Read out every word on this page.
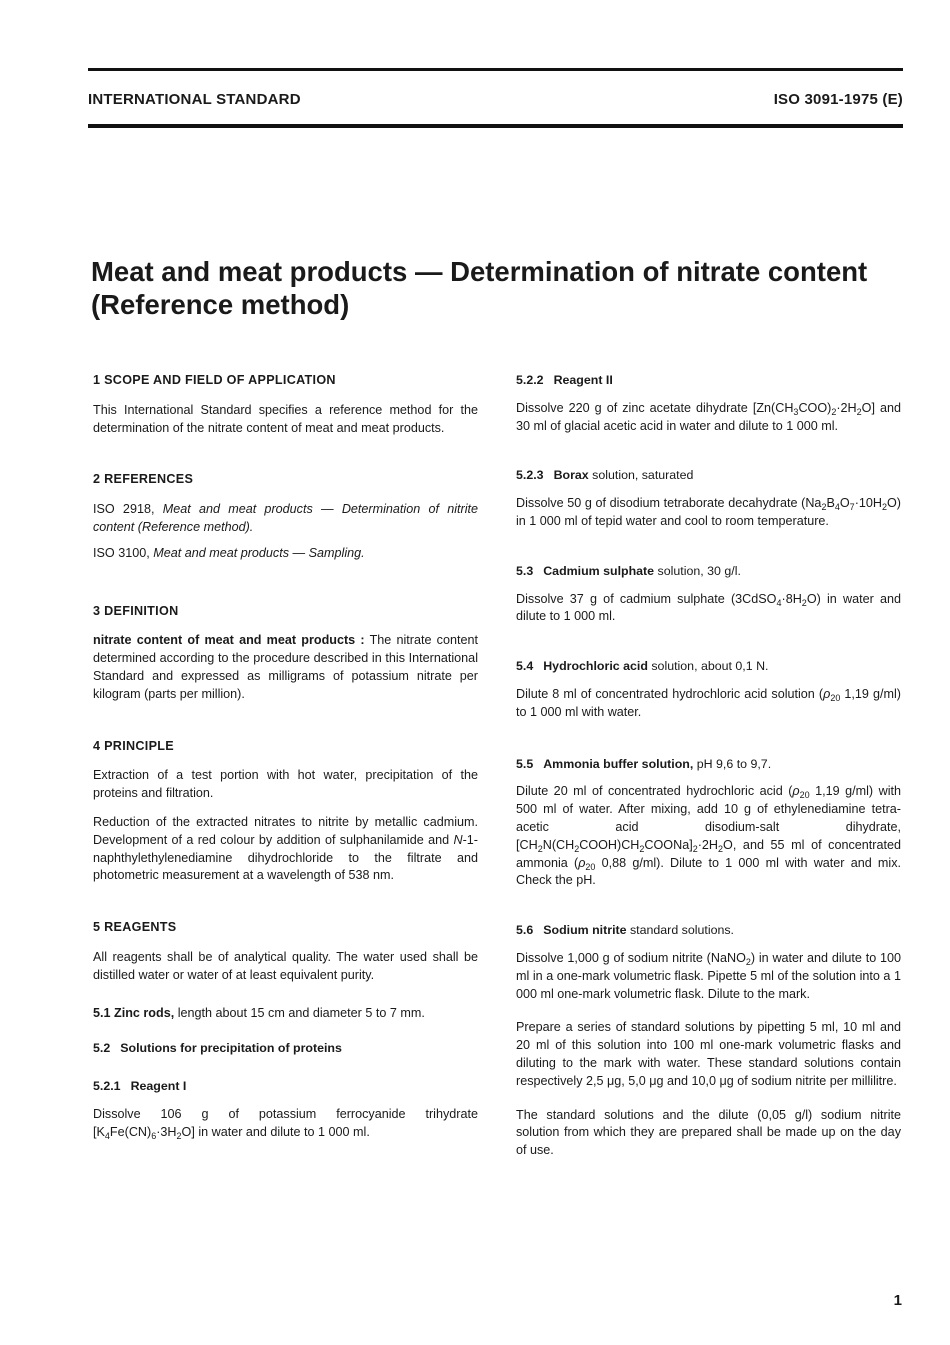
INTERNATIONAL STANDARD	ISO 3091-1975 (E)
Meat and meat products — Determination of nitrate content
(Reference method)
1 SCOPE AND FIELD OF APPLICATION

This International Standard specifies a reference method for the determination of the nitrate content of meat and meat products.

2 REFERENCES

ISO 2918, Meat and meat products — Determination of nitrite content (Reference method).

ISO 3100, Meat and meat products — Sampling.

3 DEFINITION

nitrate content of meat and meat products : The nitrate content determined according to the procedure described in this International Standard and expressed as milligrams of potassium nitrate per kilogram (parts per million).

4 PRINCIPLE

Extraction of a test portion with hot water, precipitation of the proteins and filtration.

Reduction of the extracted nitrates to nitrite by metallic cadmium. Development of a red colour by addition of sulphanilamide and N-1-naphthylethylenediamine dihydrochloride to the filtrate and photometric measurement at a wavelength of 538 nm.

5 REAGENTS

All reagents shall be of analytical quality. The water used shall be distilled water or water of at least equivalent purity.

5.1 Zinc rods, length about 15 cm and diameter 5 to 7 mm.

5.2 Solutions for precipitation of proteins
5.2.1 Reagent I

Dissolve 106 g of potassium ferrocyanide trihydrate $[K_4Fe(CN)_6\cdot 3H_2O]$ in water and dilute to 1 000 ml.

5.2.2 Reagent II

Dissolve 220 g of zinc acetate dihydrate $[Zn(CH_3COO)_2\cdot 2H_2O]$ and 30 ml of glacial acetic acid in water and dilute to 1 000 ml.

5.2.3 Borax solution, saturated

Dissolve 50 g of disodium tetraborate decahydrate $(Na_2B_4O_7\cdot 10H_2O)$ in 1 000 ml of tepid water and cool to room temperature.

5.3 Cadmium sulphate solution, 30 g/l.

Dissolve 37 g of cadmium sulphate $(3CdSO_4\cdot 8H_2O)$ in water and dilute to 1 000 ml.

5.4 Hydrochloric acid solution, about 0,1 N.

Dilute 8 ml of concentrated hydrochloric acid solution ($\rho_{20}$ 1,19 g/ml) to 1 000 ml with water.

5.5 Ammonia buffer solution, pH 9,6 to 9,7.

Dilute 20 ml of concentrated hydrochloric acid ($\rho_{20}$ 1,19 g/ml) with 500 ml of water. After mixing, add 10 g of ethylenediamine tetra-acetic acid disodium-salt dihydrate, $[CH_2N(CH_2COOH)CH_2COONa]_2\cdot 2H_2O$, and 55 ml of concentrated ammonia ($\rho_{20}$ 0,88 g/ml). Dilute to 1 000 ml with water and mix. Check the pH.

5.6 Sodium nitrite standard solutions.

Dissolve 1,000 g of sodium nitrite (NaNO$_2$) in water and dilute to 100 ml in a one-mark volumetric flask. Pipette 5 ml of the solution into a 1 000 ml one-mark volumetric flask. Dilute to the mark.

Prepare a series of standard solutions by pipetting 5 ml, 10 ml and 20 ml of this solution into 100 ml one-mark volumetric flasks and diluting to the mark with water. These standard solutions contain respectively 2,5 μg, 5,0 μg and 10,0 μg of sodium nitrite per millilitre.

The standard solutions and the dilute (0,05 g/l) sodium nitrite solution from which they are prepared shall be made up on the day of use.

1
